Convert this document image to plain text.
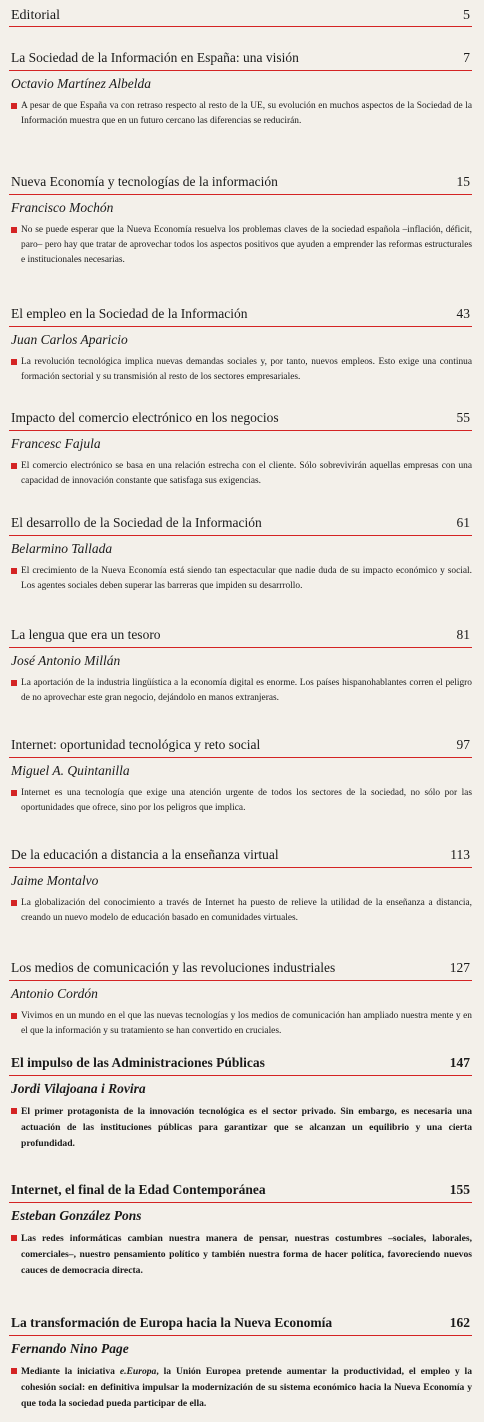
Editorial	5
La Sociedad de la Información en España: una visión	7
Octavio Martínez Albelda
A pesar de que España va con retraso respecto al resto de la UE, su evolución en muchos aspectos de la Sociedad de la Información muestra que en un futuro cercano las diferencias se reducirán.
Nueva Economía y tecnologías de la información	15
Francisco Mochón
No se puede esperar que la Nueva Economía resuelva los problemas claves de la sociedad española –inflación, déficit, paro– pero hay que tratar de aprovechar todos los aspectos positivos que ayuden a emprender las reformas estructurales e institucionales necesarias.
El empleo en la Sociedad de la Información	43
Juan Carlos Aparicio
La revolución tecnológica implica nuevas demandas sociales y, por tanto, nuevos empleos. Esto exige una continua formación sectorial y su transmisión al resto de los sectores empresariales.
Impacto del comercio electrónico en los negocios	55
Francesc Fajula
El comercio electrónico se basa en una relación estrecha con el cliente. Sólo sobrevivirán aquellas empresas con una capacidad de innovación constante que satisfaga sus exigencias.
El desarrollo de la Sociedad de la Información	61
Belarmino Tallada
El crecimiento de la Nueva Economía está siendo tan espectacular que nadie duda de su impacto económico y social. Los agentes sociales deben superar las barreras que impiden su desarrrollo.
La lengua que era un tesoro	81
José Antonio Millán
La aportación de la industria lingüística a la economía digital es enorme. Los países hispanohablantes corren el peligro de no aprovechar este gran negocio, dejándolo en manos extranjeras.
Internet: oportunidad tecnológica y reto social	97
Miguel A. Quintanilla
Internet es una tecnología que exige una atención urgente de todos los sectores de la sociedad, no sólo por las oportunidades que ofrece, sino por los peligros que implica.
De la educación a distancia a la enseñanza virtual	113
Jaime Montalvo
La globalización del conocimiento a través de Internet ha puesto de relieve la utilidad de la enseñanza a distancia, creando un nuevo modelo de educación basado en comunidades virtuales.
Los medios de comunicación y las revoluciones industriales	127
Antonio Cordón
Vivimos en un mundo en el que las nuevas tecnologías y los medios de comunicación han ampliado nuestra mente y en el que la información y su tratamiento se han convertido en cruciales.
El impulso de las Administraciones Públicas	147
Jordi Vilajoana i Rovira
El primer protagonista de la innovación tecnológica es el sector privado. Sin embargo, es necesaria una actuación de las instituciones públicas para garantizar que se alcanzan un equilibrio y una cierta profundidad.
Internet, el final de la Edad Contemporánea	155
Esteban González Pons
Las redes informáticas cambian nuestra manera de pensar, nuestras costumbres –sociales, laborales, comerciales–, nuestro pensamiento político y también nuestra forma de hacer política, favoreciendo nuevos cauces de democracia directa.
La transformación de Europa hacia la Nueva Economía	162
Fernando Nino Page
Mediante la iniciativa e.Europa, la Unión Europea pretende aumentar la productividad, el empleo y la cohesión social: en definitiva impulsar la modernización de su sistema económico hacia la Nueva Economía y que toda la sociedad pueda participar de ella.
